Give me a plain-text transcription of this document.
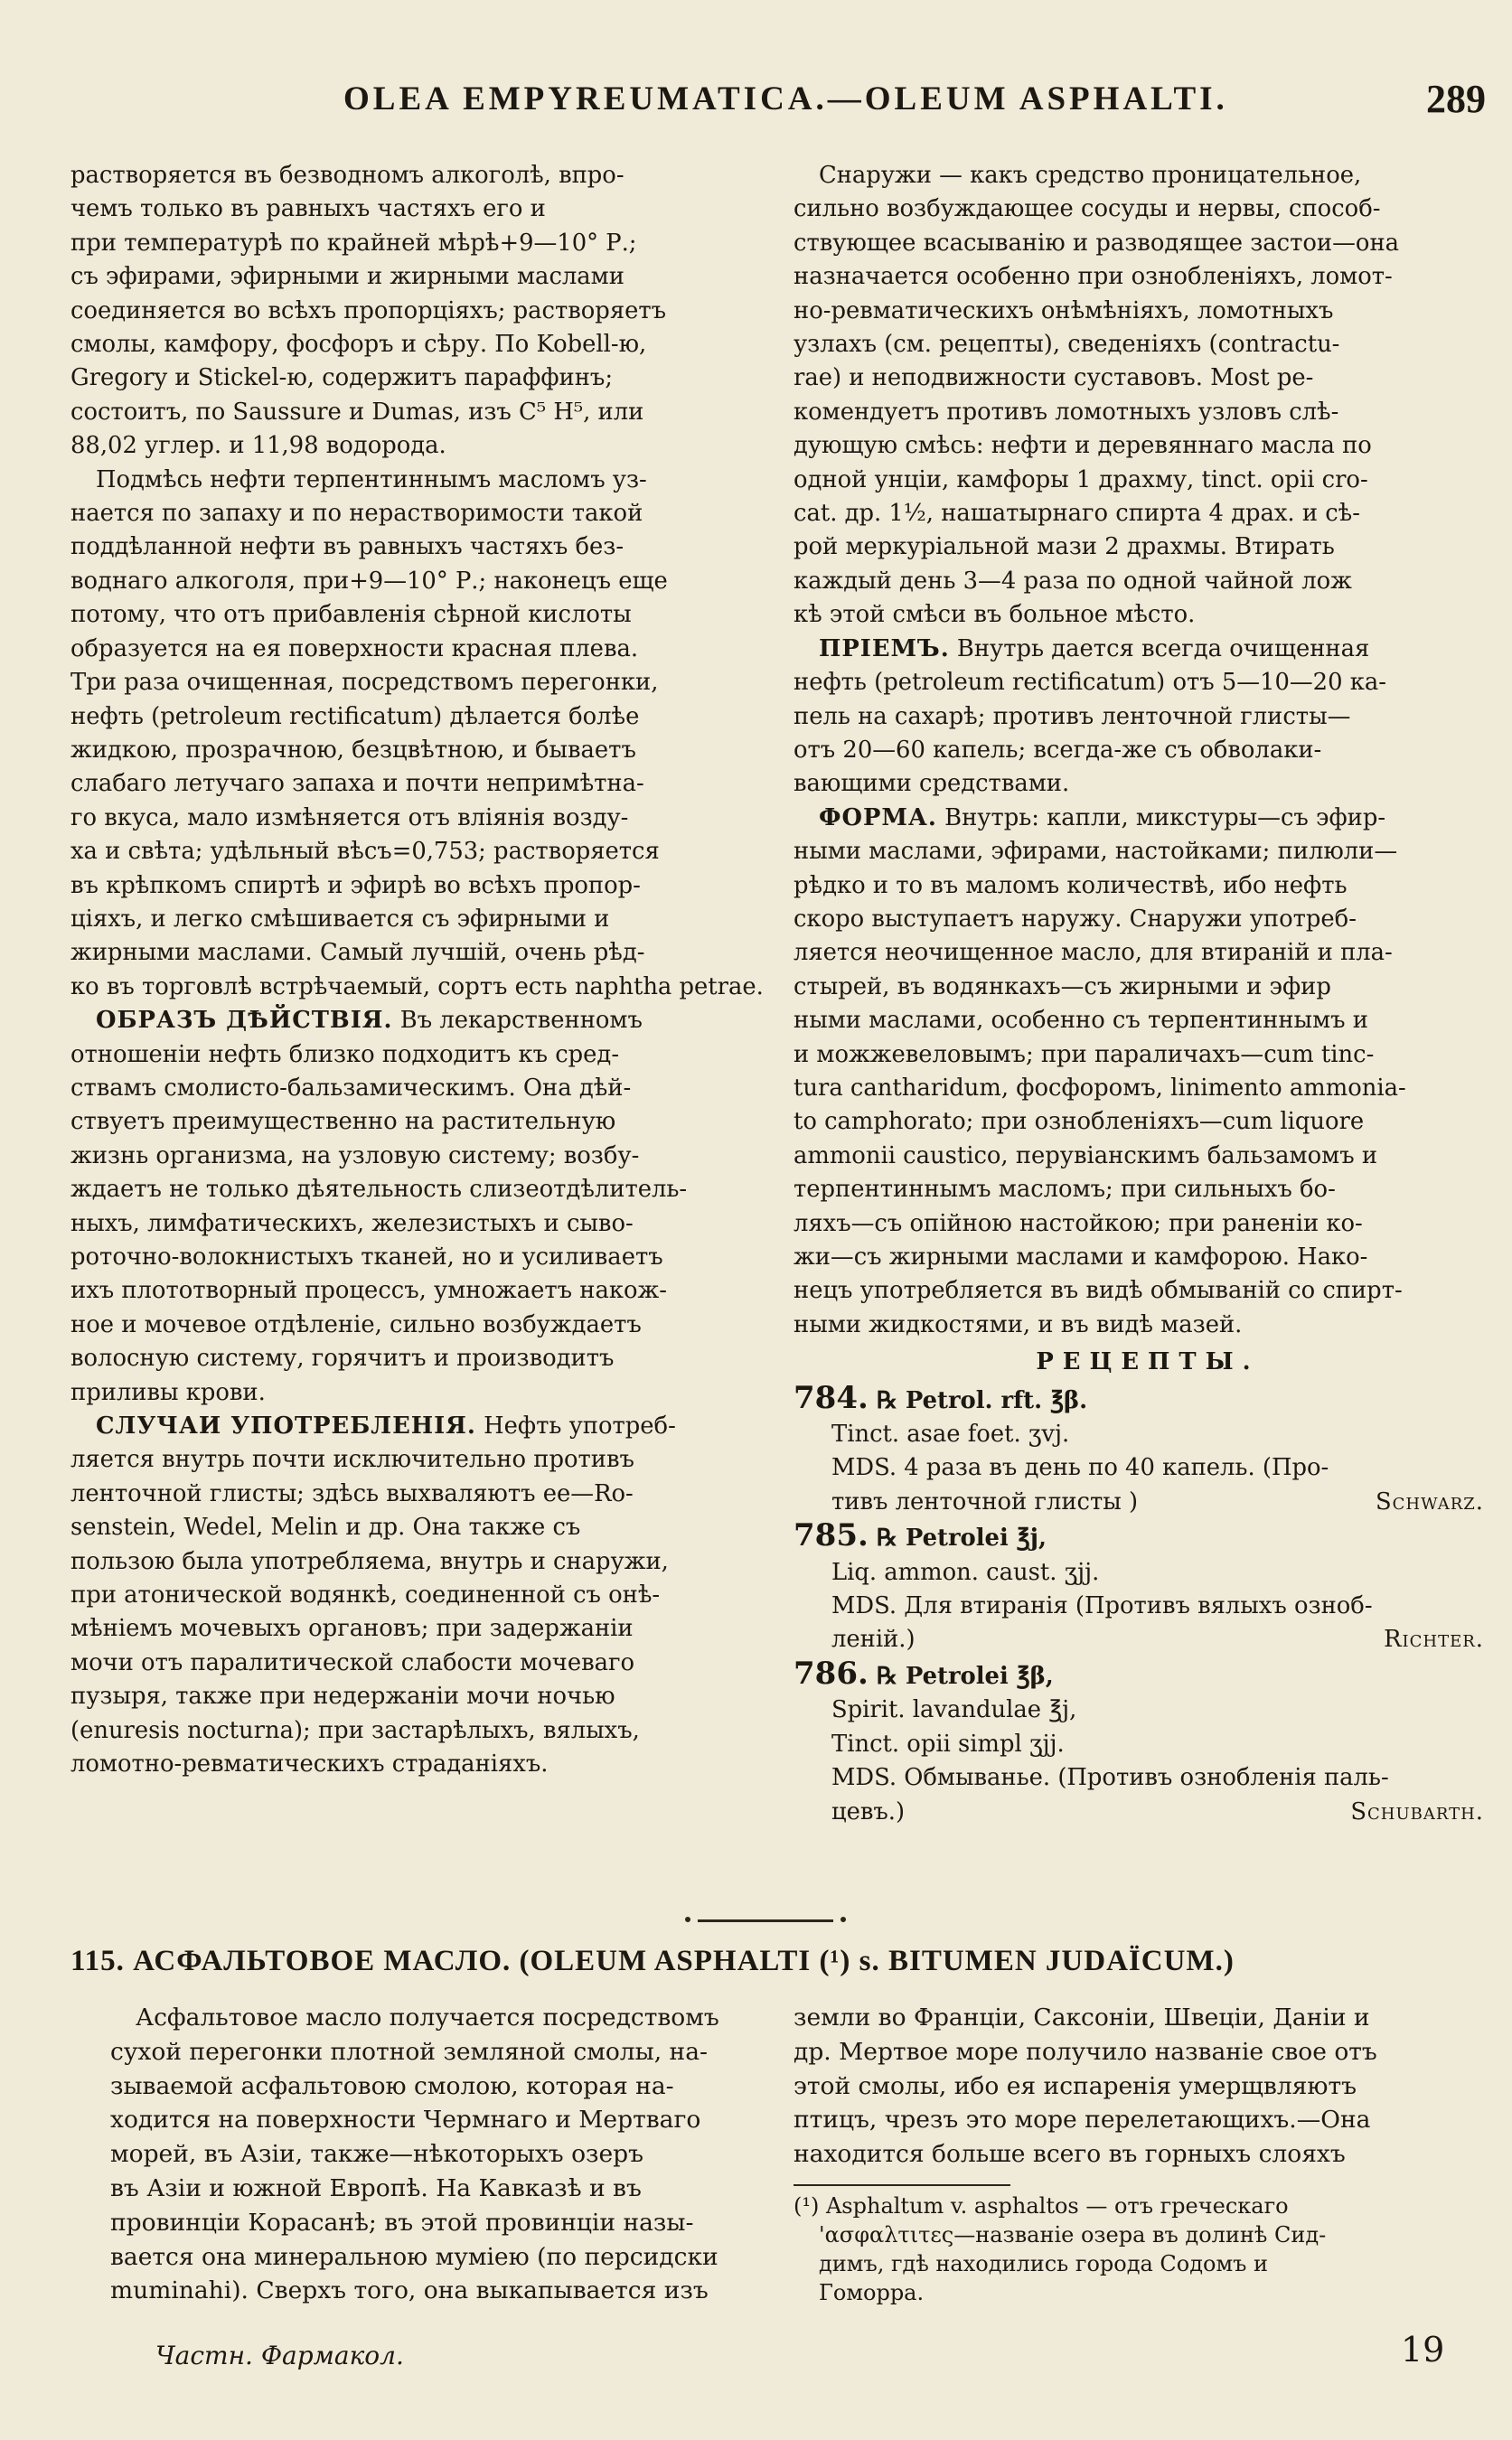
OLEA EMPYREUMATICA.—OLEUM ASPHALTI.	289

растворяется въ безводномъ алкоголѣ, впро-
чемъ только въ равныхъ частяхъ его и
при температурѣ по крайней мѣрѣ+9—10° Р.;
съ эфирами, эфирными и жирными маслами
соединяется во всѣхъ пропорціяхъ; растворяетъ
смолы, камфору, фосфоръ и сѣру. По Kobell-ю,
Gregory и Stickel-ю, содержитъ параффинъ;
состоитъ, по Saussure и Dumas, изъ С⁵ Н⁵, или
88,02 углер. и 11,98 водорода.

Подмѣсь нефти терпентиннымъ масломъ уз-
нается по запаху и по нерастворимости такой
поддѣланной нефти въ равныхъ частяхъ без-
воднаго алкоголя, при+9—10° Р.; наконецъ еще
потому, что отъ прибавленія сѣрной кислоты
образуется на ея поверхности красная плева.
Три раза очищенная, посредствомъ перегонки,
нефть (petroleum rectificatum) дѣлается болѣе
жидкою, прозрачною, безцвѣтною, и бываетъ
слабаго летучаго запаха и почти непримѣтна-
го вкуса, мало измѣняется отъ вліянія возду-
ха и свѣта; удѣльный вѣсъ=0,753; растворяется
въ крѣпкомъ спиртѣ и эфирѣ во всѣхъ пропор-
ціяхъ, и легко смѣшивается съ эфирными и
жирными маслами. Самый лучшій, очень рѣд-
ко въ торговлѣ встрѣчаемый, сортъ есть naphtha petrae.

ОБРАЗЪ ДѢЙСТВІЯ. Въ лекарственномъ
отношеніи нефть близко подходитъ къ сред-
ствамъ смолисто-бальзамическимъ. Она дѣй-
ствуетъ преимущественно на растительную
жизнь организма, на узловую систему; возбу-
ждаетъ не только дѣятельность слизеотдѣлитель-
ныхъ, лимфатическихъ, железистыхъ и сыво-
роточно-волокнистыхъ тканей, но и усиливаетъ
ихъ плототворный процессъ, умножаетъ накож-
ное и мочевое отдѣленіе, сильно возбуждаетъ
волосную систему, горячитъ и производитъ
приливы крови.

СЛУЧАИ УПОТРЕБЛЕНІЯ. Нефть употреб-
ляется внутрь почти исключительно противъ
ленточной глисты; здѣсь выхваляютъ ее—Ro-
senstein, Wedel, Melin и др. Она также съ
пользою была употребляема, внутрь и снаружи,
при атонической водянкѣ, соединенной съ онѣ-
мѣніемъ мочевыхъ органовъ; при задержаніи
мочи отъ паралитической слабости мочеваго
пузыря, также при недержаніи мочи ночью
(enuresis nocturna); при застарѣлыхъ, вялыхъ,
ломотно-ревматическихъ страданіяхъ.

Снаружи — какъ средство проницательное,
сильно возбуждающее сосуды и нервы, способ-
ствующее всасыванію и разводящее застои—она
назначается особенно при ознобленіяхъ, ломот-
но-ревматическихъ онѣмѣніяхъ, ломотныхъ
узлахъ (см. рецепты), сведеніяхъ (contractu-
rae) и неподвижности суставовъ. Most ре-
комендуетъ противъ ломотныхъ узловъ слѣ-
дующую смѣсь: нефти и деревяннаго масла по
одной унціи, камфоры 1 драхму, tinct. opii cro-
cat. др. 1½, нашатырнаго спирта 4 драх. и сѣ-
рой меркуріальной мази 2 драхмы. Втирать
каждый день 3—4 раза по одной чайной лож
кѣ этой смѣси въ больное мѣсто.

ПРІЕМЪ. Внутрь дается всегда очищенная
нефть (petroleum rectificatum) отъ 5—10—20 ка-
пель на сахарѣ; противъ ленточной глисты—
отъ 20—60 капель; всегда-же съ обволаки-
вающими средствами.

ФОРМА. Внутрь: капли, микстуры—съ эфир-
ными маслами, эфирами, настойками; пилюли—
рѣдко и то въ маломъ количествѣ, ибо нефть
скоро выступаетъ наружу. Снаружи употреб-
ляется неочищенное масло, для втираній и пла-
стырей, въ водянкахъ—съ жирными и эфир
ными маслами, особенно съ терпентиннымъ и
и можжевеловымъ; при параличахъ—cum tinc-
tura cantharidum, фосфоромъ, linimento ammonia-
to camphorato; при ознобленіяхъ—cum liquore
ammonii caustico, перувіанскимъ бальзамомъ и
терпентиннымъ масломъ; при сильныхъ бо-
ляхъ—съ опійною настойкою; при раненіи ко-
жи—съ жирными маслами и камфорою. Нако-
нецъ употребляется въ видѣ обмыванiй со спирт-
ными жидкостями, и въ видѣ мазей.

РЕЦЕПТЫ.
784. ℞ Petrol. rft. ℥β.
Tinct. asae foet. ʒvj.
MDS. 4 раза въ день по 40 капель. (Про-
тивъ ленточной глисты )	Schwarz.
785. ℞ Petrolei ℥j,
Liq. ammon. caust. ʒjj.
MDS. Для втиранія (Противъ вялыхъ озноб-
леній.)	Richter.
786. ℞ Petrolei ℥β,
Spirit. lavandulae ℥j,
Tinct. opii simpl ʒjj.
MDS. Обмыванье. (Противъ ознобленія паль-
цевъ.)	Schubarth.
115. АСФАЛЬТОВОЕ МАСЛО. (OLEUM ASPHALTI (¹) s. BITUMEN JUDAÏCUM.)
Асфальтовое масло получается посредствомъ
сухой перегонки плотной земляной смолы, на-
зываемой асфальтовою смолою, которая на-
ходится на поверхности Чермнаго и Мертваго
морей, въ Азіи, также—нѣкоторыхъ озеръ
въ Азіи и южной Европѣ. На Кавказѣ и въ
провинціи Корасанѣ; въ этой провинціи назы-
вается она минеральною муміею (по персидски
muminahi). Сверхъ того, она выкапывается изъ
земли во Франціи, Саксоніи, Швеціи, Даніи и
др. Мертвое море получило названіе свое отъ
этой смолы, ибо ея испаренія умерщвляютъ
птицъ, чрезъ это море перелетающихъ.—Она
находится больше всего въ горныхъ слояхъ
(¹) Asphaltum v. asphaltos — отъ греческаго
'ασφαλτιτες—названіе озера въ долинѣ Сид-
димъ, гдѣ находились города Содомъ и
Гоморра.
Частн. Фармакол.	19
